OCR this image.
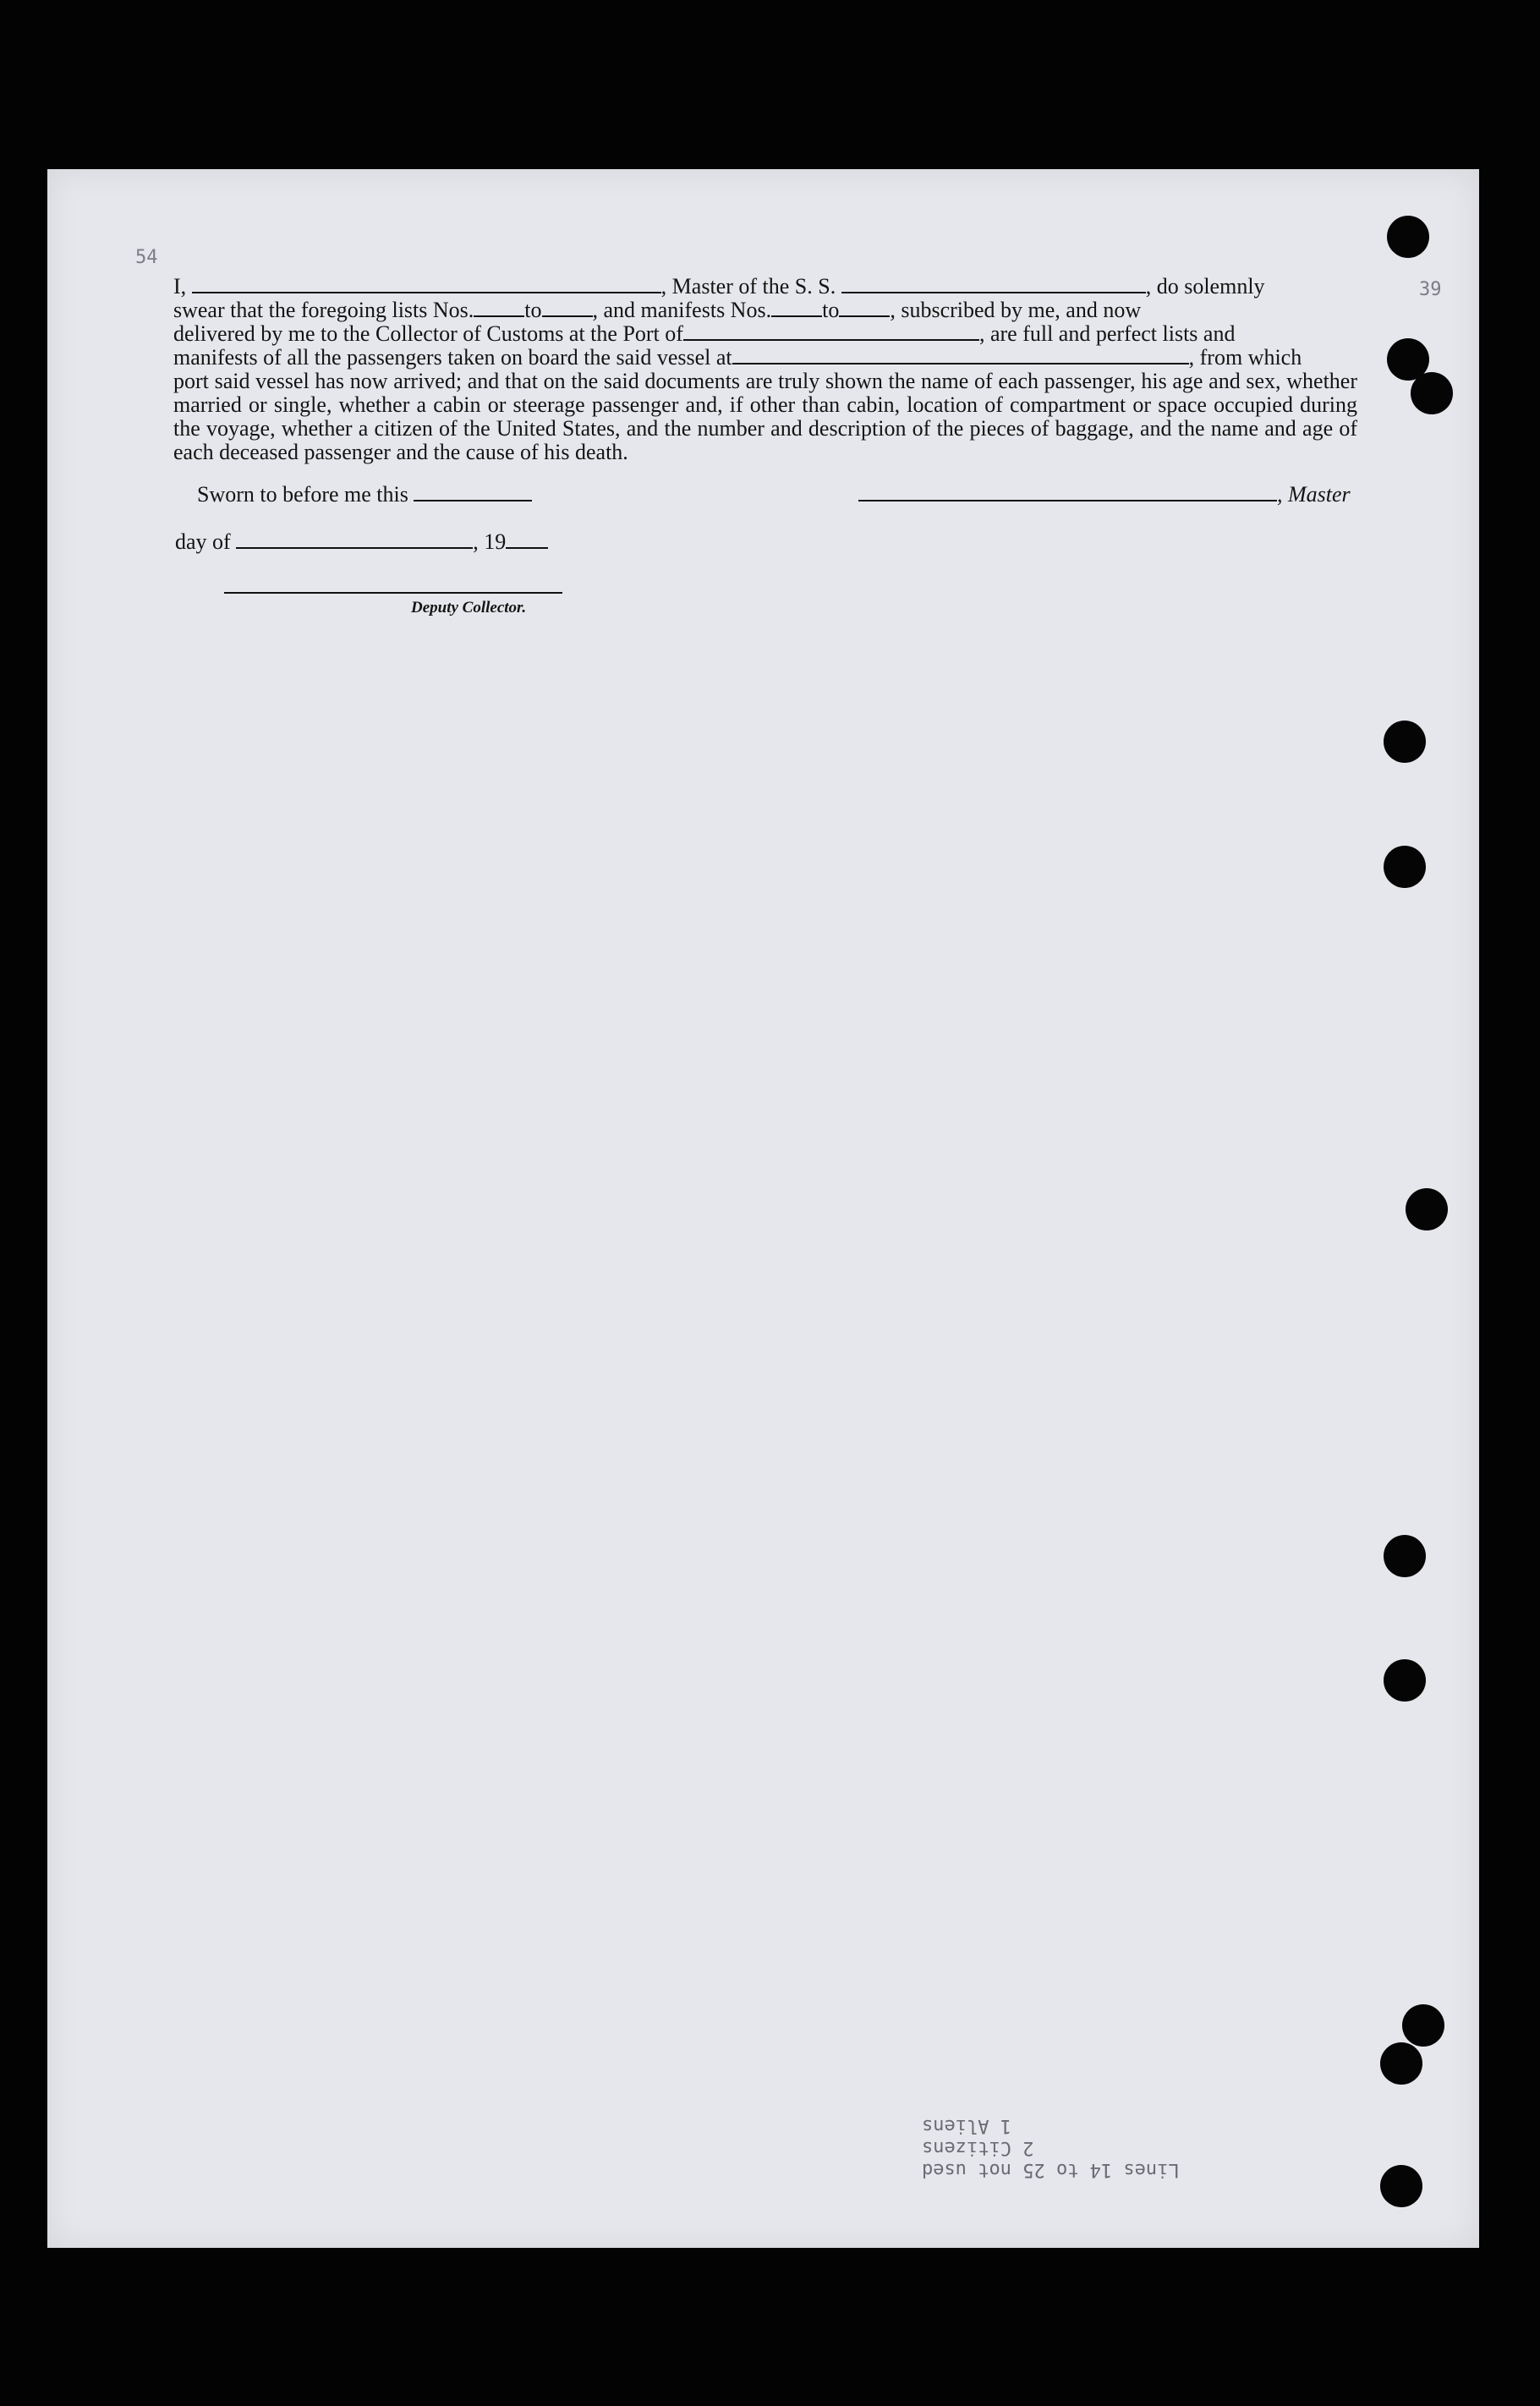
54
39

I,	, Master of the S. S.	, do solemnly

swear that the foregoing lists Nos. to , and manifests Nos. to , subscribed by me, and now

delivered by me to the Collector of Customs at the Port of	, are full and perfect lists and

manifests of all the passengers taken on board the said vessel at	, from which

port said vessel has now arrived; and that on the said documents are truly shown the name of each passenger, his age and sex, whether married or single, whether a cabin or steerage passenger and, if other than cabin, location of compartment or space occupied during the voyage, whether a citizen of the United States, and the number and description of the pieces of baggage, and the name and age of each deceased passenger and the cause of his death.

Sworn to before me this	, Master
day of	, 19
Deputy Collector.
1 Aliens
2 Citizens
Lines 14 to 25 not used
